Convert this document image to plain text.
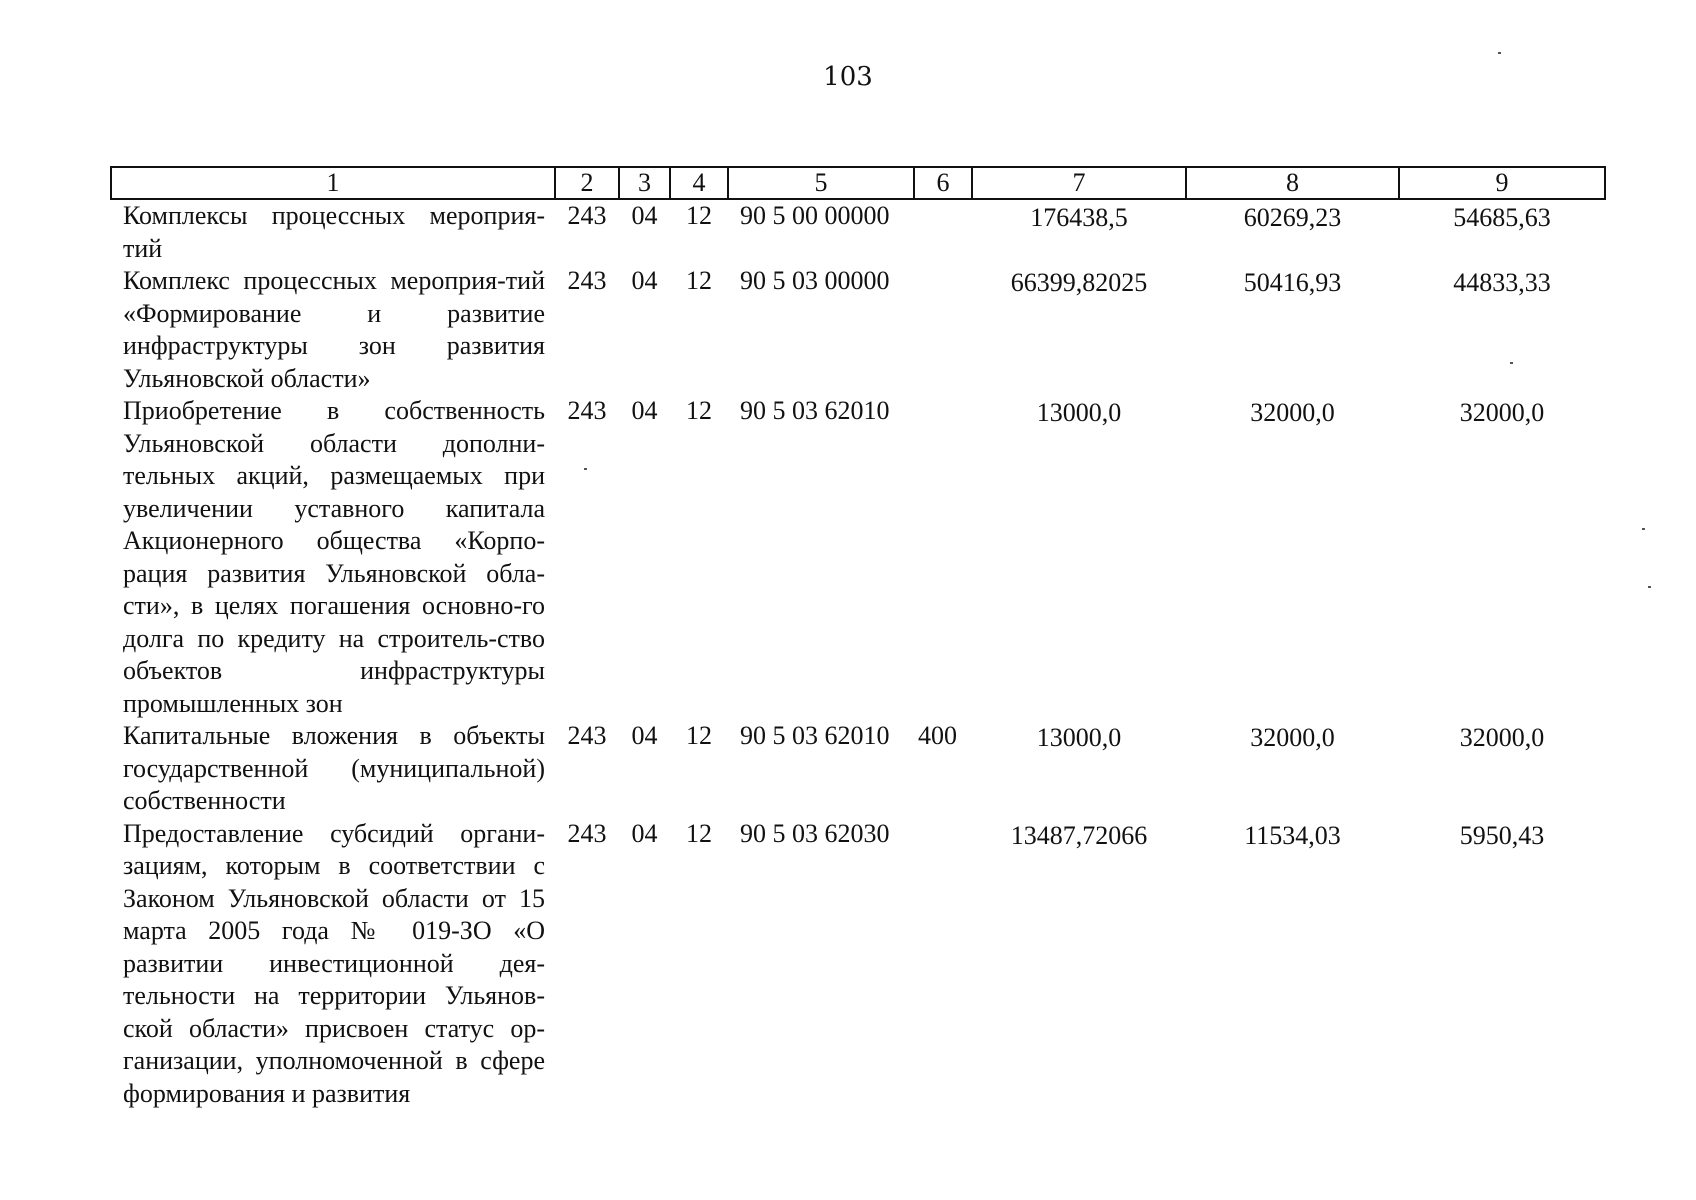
103
1	2	3	4	5	6	7	8	9
Комплексы процессных мероприя-тий	243	04	12	90 5 00 00000		176438,5	60269,23	54685,63
Комплекс процессных мероприя-тий «Формирование и развитие инфраструктуры зон развития Ульяновской области»	243	04	12	90 5 03 00000		66399,82025	50416,93	44833,33
Приобретение в собственность Ульяновской области дополни-тельных акций, размещаемых при увеличении уставного капитала Акционерного общества «Корпо-рация развития Ульяновской обла-сти», в целях погашения основно-го долга по кредиту на строитель-ство объектов инфраструктуры промышленных зон	243	04	12	90 5 03 62010		13000,0	32000,0	32000,0
Капитальные вложения в объекты государственной (муниципальной) собственности	243	04	12	90 5 03 62010	400	13000,0	32000,0	32000,0
Предоставление субсидий органи-зациям, которым в соответствии с Законом Ульяновской области от 15 марта 2005 года № 019-ЗО «О развитии инвестиционной дея-тельности на территории Ульянов-ской области» присвоен статус ор-ганизации, уполномоченной в сфере формирования и развития	243	04	12	90 5 03 62030		13487,72066	11534,03	5950,43
